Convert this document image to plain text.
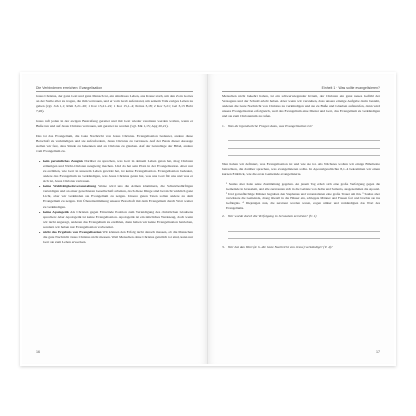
Die Verbindenen erreichen: Evangelisation

Jesus Christus, der ganz Gott und ganz Mensch ist, ein sündloses Leben, ans Kreuz starb, um den Zorn Gottes an der Stelle aller zu tragen, die ihm vertrauen, und er vom Grab auferstand, um seinem Volk ewiges Leben zu geben (vgl. Joh 1,1; Röm 3,21–26; 1 Kor 15,21–22; 1 Kor 15,1–4; Petrus 3,18; 2 Kor 5,21; Gal 3,13 Hebr 7,26).

Jesus ruft jeden in der ewigen Bestrafung gerettet und mit Gott wieder vereinten werden wollen, wenn er Buße tun und auf Jesus Christus vertrauen, um gerettet zu werden (vgl. Mk 1,15; Apg 20,21).

Das ist das Evangelium, die Gute Nachricht von Jesus Christus. Evangelisation bedeutet, andere diese Botschaft zu verkündigen und sie aufzufordern, Jesus Christus zu vertrauen. Auf der Basis dieser Aussage stellen wir fest, dass Sünde zu bekennen und an Christus zu glauben. Auf der Grundlage der Bibel, andere vom Evangelium zu.

• kein persönliches Zeugnis Darüber zu sprechen, was Gott in deinem Leben getan hat, mag Christen ermutigen und Nicht-Christen neugierig machen. Und da hat sein Platz in der Evangelisation. Aber nur zu erzählen, wie Gott in unserem Leben gewirkt hat, ist keine Evangelisation. Evangelisation bedeutet, andere das Evangelium zu verkündigen, was Jesus Christus getan hat, was uns Gott für uns und was er sich ist, Jesus Christus vertrauen.
• keine Wohltätigkeitsveranstaltung Weise wird uns die Armen klammern, die Schutzbedürftigen verteidigen und an einer gerechteren Gesellschaft arbeiten, doch diese Dinge sind bei nicht wirklich ganz Licht, aber wir verkünden sie Evangelium zu zeigen. Unsere guten Taten sollen andere zu dem Evangelium zu zeigen. Um Übereinstimmung unserer Botschaft mit dem Evangelium durch Wort weiter zu verkündigen.
• keine Apologetik Als Christen gegen Einwände Position zum Verteidigung des christlichen Glaubens sprechen: Aber Apologetik ist keine Evangelisation. Apologetik ist ein nützliches Werkzeug, doch wenn wir nicht angeregt, anderen das Evangelium zu erzählen, dann haben wir keine Evangelisation betrieben, sondern wir haben nur Evangelisation vorbereitet.
• nicht das Ergebnis von Evangelisation Wir können den Erfolg nicht danach messen, ob die Menschen die gute Nachricht Jesus Christus nicht messen. Weil Menschen ohne Christus geistlich tot sind, kann nur Gott sie zum Leben erwecken.
16
Einheit 1 · Was sollte evangelisieren?

Menschen nicht bekehrt haben, ist ein schwerwiegender Irrtum, der Christen ein ganz neues Gefühl der Versagens und der Schuld erlebt haben. Aber wenn wir verstehen, dass unsere einzige Aufgabe darin besteht, anderen die Gute Nachricht von Christus zu verkündigen und sie zu Buße und Glauben aufzurufen, dann wird unsere Evangelisation erfolgreich, weil das Evangelium eine Dienst und Gott, das Evangelium zu verkündigen und sie zum Christentum zu rufen.

1. Was du irgendwelche Fragen dazu, was Evangelisation ist?

Nun haben wir definiert, was Evangelisation ist und wie sie ist. Als Nächstes wollen wir einige Bibeltexte betrachten, die darüber sprechen, was evangelisieren sollte. In Apostelgeschichte 8,1–4 bekommen wir einen kurzen Einblick, wie die erste Gemeinde evangelisierte.

¹ Saulus aber hatte seine Zustimmung gegeben. An jenem Tag erhob sich eine große Verfolgung gegen die Gemeinde in Jerusalem, und alle zerstreuten sich in die Gebiete von Judäa und Samaria, ausgenommen die Apostel. ² Und gottesfürchtige Männer begruben den Stephanus und veranstalteten eine große Trauer um ihn. ³ Saulus aber verwüstete die Gemeinde, drang überall in die Häuser ein, schleppte Männer und Frauen fort und brachte sie ins Gefängnis. ⁴ Diejenigen nun, die zerstreut worden waren, zogen umher und verkündigten das Wort des Evangeliums.

2. Wer wurde durch die Verfolgung in Jerusalem zerstreut? (V. 1)

3. Wer hat das Wort (d. h. die Gute Nachricht von Jesus) verkündigt? (V. 4)?

17
